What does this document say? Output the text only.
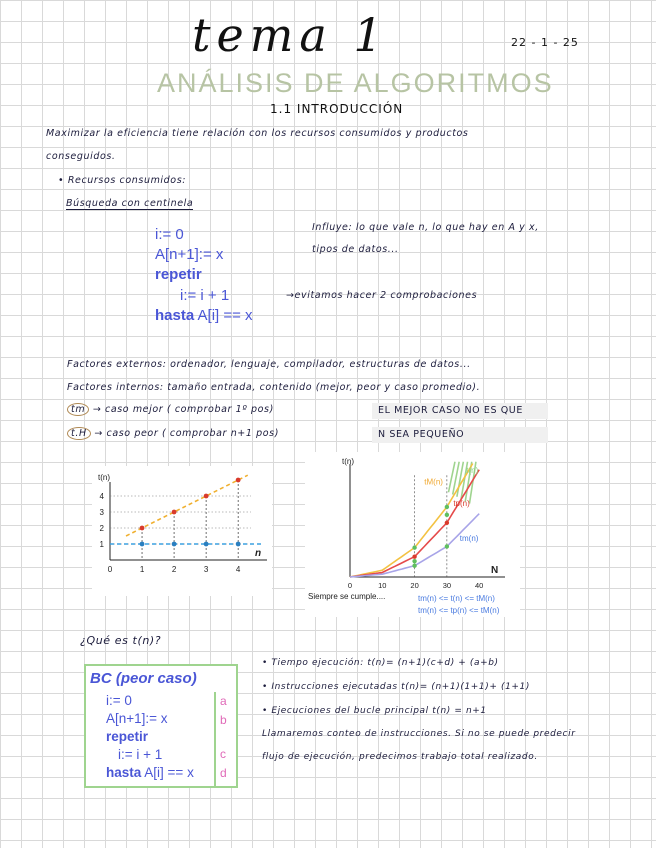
tema 1	22 - 1 - 25
ANÁLISIS DE ALGORITMOS
1.1 INTRODUCCIÓN
Maximizar la eficiencia tiene relación con los recursos consumidos y productos
conseguidos.
• Recursos consumidos:
Búsqueda con centinela
i:= 0
A[n+1]:= x
repetir
i:= i + 1
hasta A[i] == x
Influye: lo que vale n, lo que hay en A y x,
tipos de datos...
→evitamos hacer 2 comprobaciones
Factores externos: ordenador, lenguaje, compilador, estructuras de datos...
Factores internos: tamaño entrada, contenido (mejor, peor y caso promedio).
tm → caso mejor ( comprobar 1º pos)
t.H → caso peor ( comprobar n+1 pos)
EL MEJOR CASO NO ES QUE
N SEA PEQUEÑO
t(n)
n
0	1	2	3	4
1
2
3
4
t(n)
N
0	10	20	30	40
tM(n)
tp(n)
t(n)
tm(n)
Siempre se cumple....	tm(n) <= t(n) <= tM(n)
tm(n) <= tp(n) <= tM(n)
¿Qué es t(n)?
BC (peor caso)
i:= 0
A[n+1]:= x
repetir
i:= i + 1
hasta A[i] == x
a
b
c
d
• Tiempo ejecución: t(n)= (n+1)(c+d) + (a+b)
• Instrucciones ejecutadas t(n)= (n+1)(1+1)+ (1+1)
• Ejecuciones del bucle principal t(n) = n+1
Llamaremos conteo de instrucciones. Si no se puede predecir
flujo de ejecución, predecimos trabajo total realizado.
